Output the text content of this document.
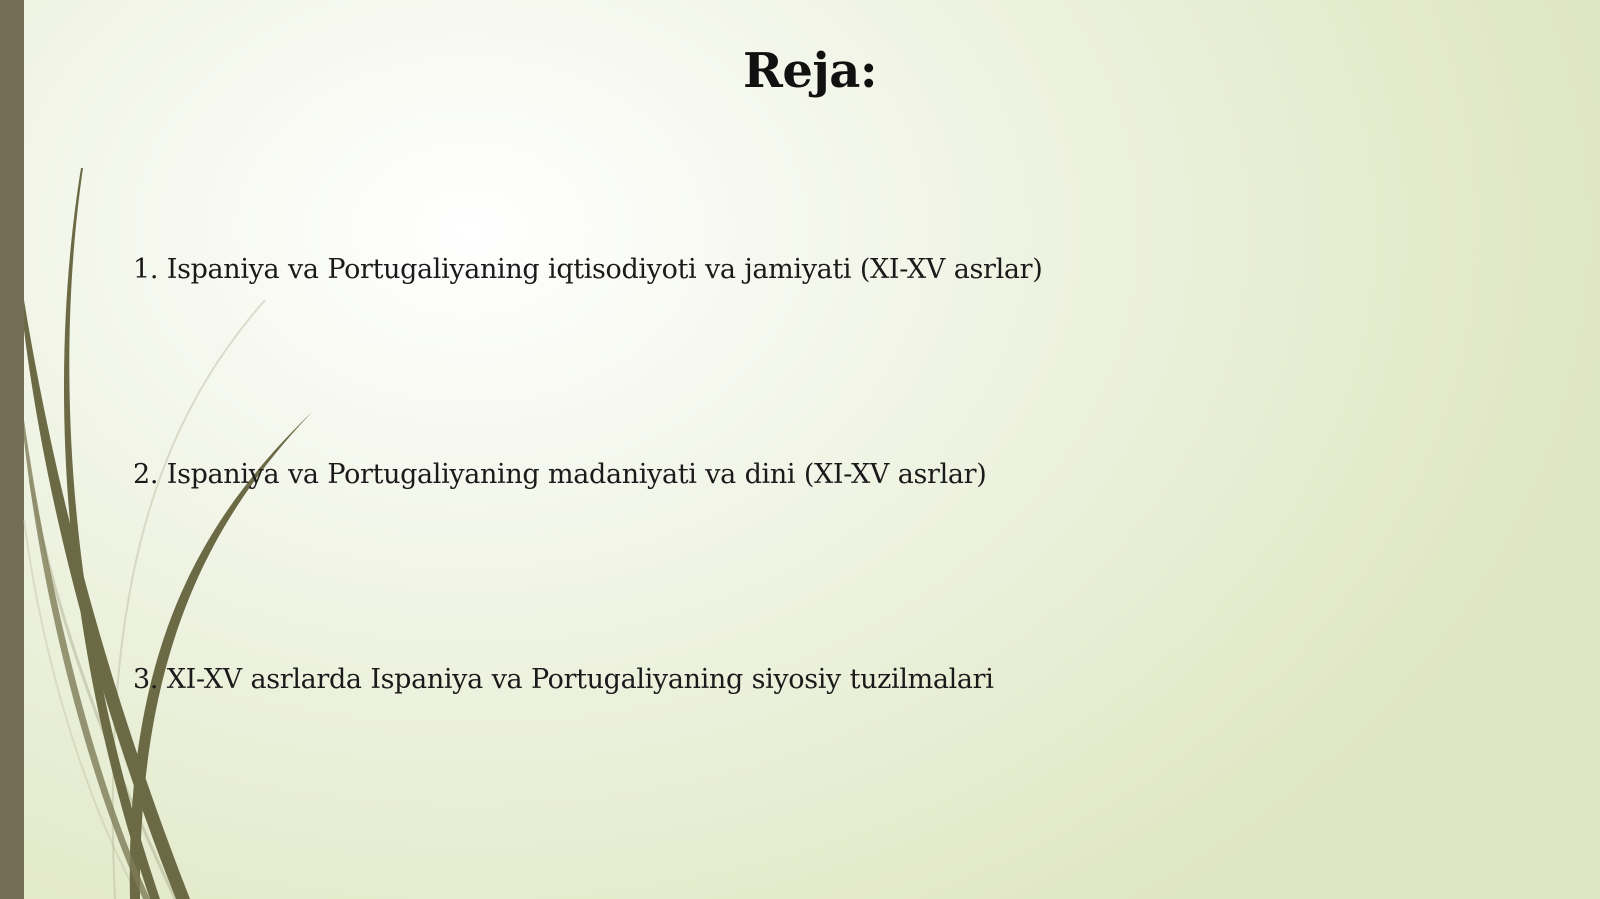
Reja:
1. Ispaniya va Portugaliyaning iqtisodiyoti va jamiyati (XI-XV asrlar)
2. Ispaniya va Portugaliyaning madaniyati va dini (XI-XV asrlar)
3. XI-XV asrlarda Ispaniya va Portugaliyaning siyosiy tuzilmalari
